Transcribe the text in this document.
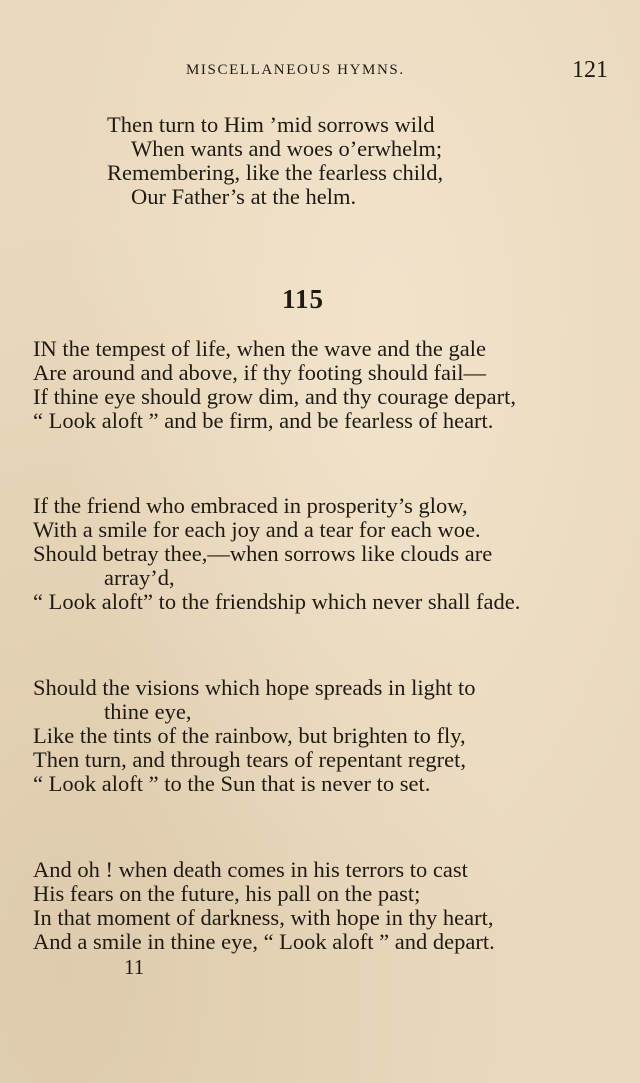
MISCELLANEOUS HYMNS.	121
Then turn to Him ’mid sorrows wild
When wants and woes o’erwhelm;
Remembering, like the fearless child,
Our Father’s at the helm.
115
IN the tempest of life, when the wave and the gale
Are around and above, if thy footing should fail—
If thine eye should grow dim, and thy courage depart,
“ Look aloft ” and be firm, and be fearless of heart.
If the friend who embraced in prosperity’s glow,
With a smile for each joy and a tear for each woe.
Should betray thee,—when sorrows like clouds are
array’d,
“ Look aloft” to the friendship which never shall fade.
Should the visions which hope spreads in light to
thine eye,
Like the tints of the rainbow, but brighten to fly,
Then turn, and through tears of repentant regret,
“ Look aloft ” to the Sun that is never to set.
And oh ! when death comes in his terrors to cast
His fears on the future, his pall on the past;
In that moment of darkness, with hope in thy heart,
And a smile in thine eye, “ Look aloft ” and depart.
11
